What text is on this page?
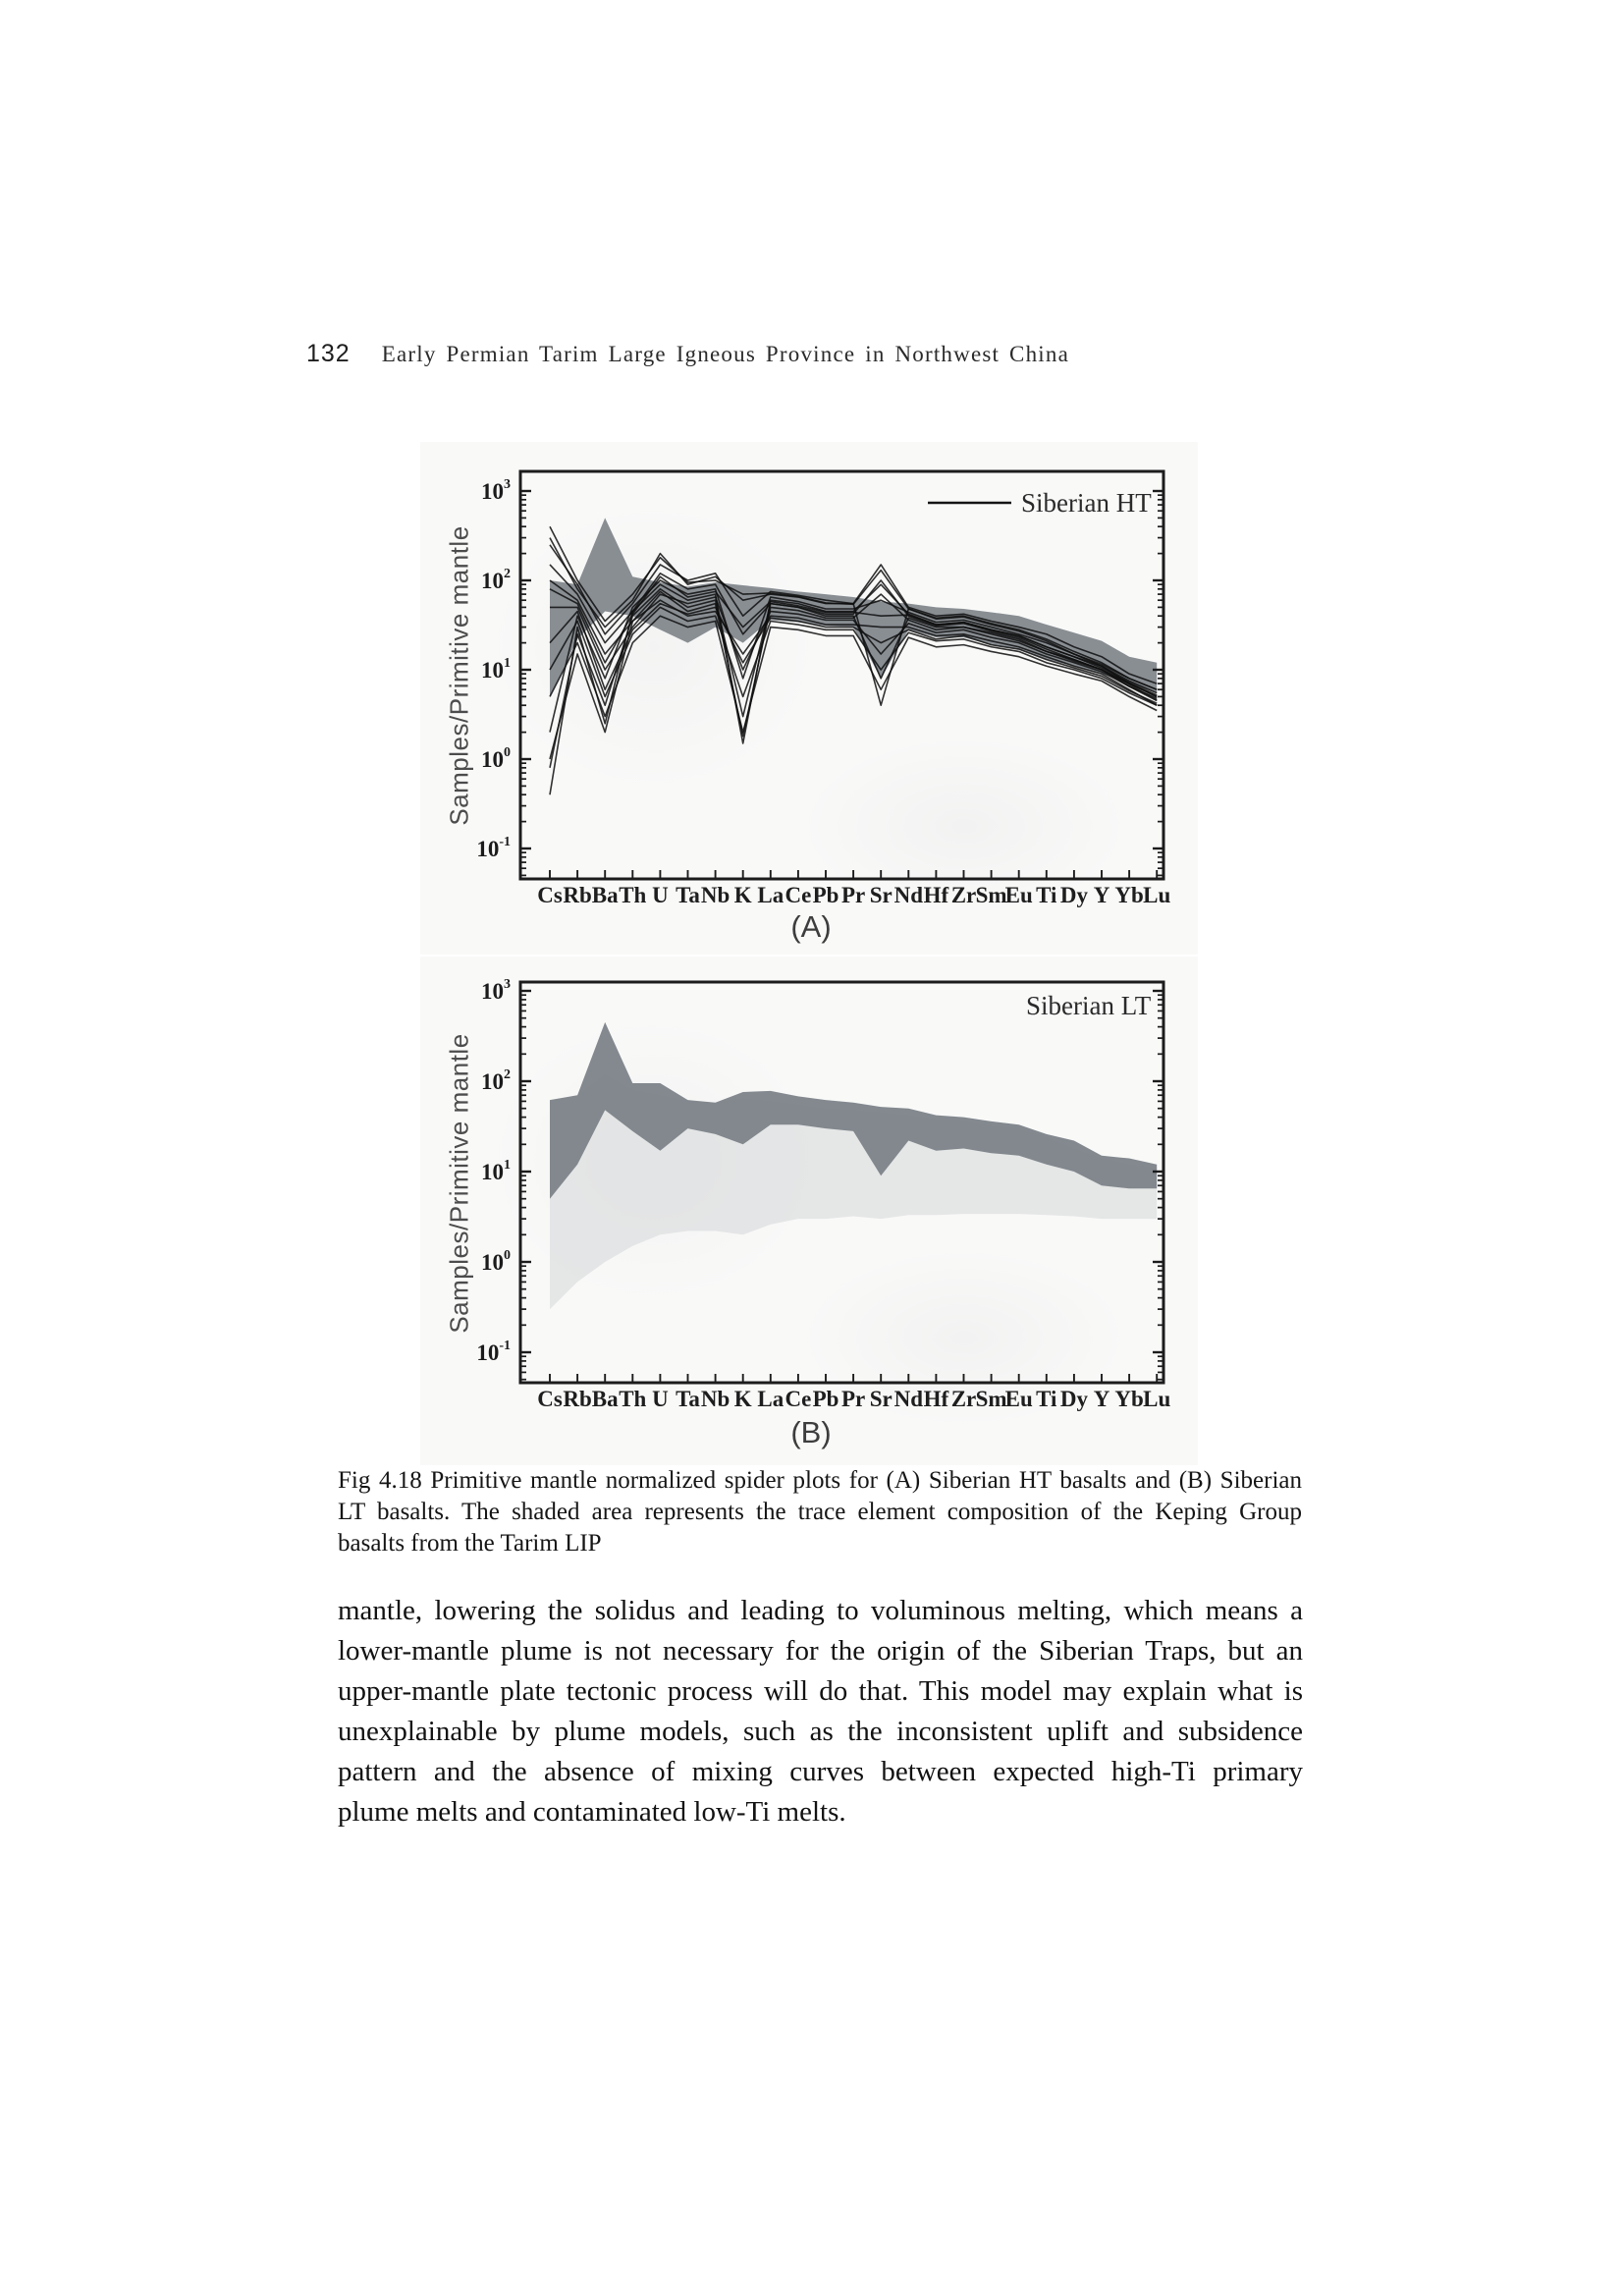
132 Early Permian Tarim Large Igneous Province in Northwest China
$10^3$
$10^2$
$10^1$
$10^0$
$10^{-1}$
Cs Rb Ba Th U Ta Nb K La Ce Pb Pr Sr Nd Hf Zr Sm
Eu Ti Dy Y Yb Lu
Siberian HT
$10^3$
$10^2$
$10^1$
$10^0$
$10^{-1}$
Cs Rb Ba Th U Ta Nb K La Ce Pb Pr Sr Nd Hf Zr Sm
Eu Ti Dy Y Yb Lu
Siberian LT
Samples/Primitive mantle
Samples/Primitive mantle
(A)
(B)
Fig 4.18 Primitive mantle normalized spider plots for (A) Siberian HT basalts and (B) Siberian
LT basalts. The shaded area represents the trace element composition of the Keping Group
basalts from the Tarim LIP
mantle, lowering the solidus and leading to voluminous melting, which means a
lower-mantle plume is not necessary for the origin of the Siberian Traps, but an
upper-mantle plate tectonic process will do that. This model may explain what is
unexplainable by plume models, such as the inconsistent uplift and subsidence
pattern and the absence of mixing curves between expected high-Ti primary
plume melts and contaminated low-Ti melts.
